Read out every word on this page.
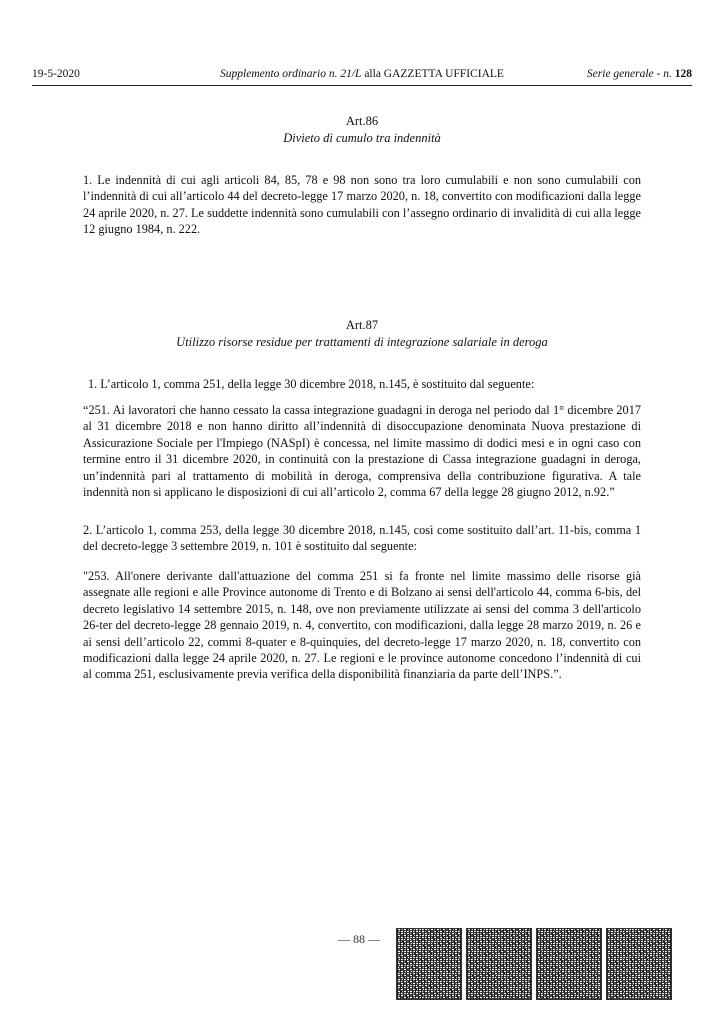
19-5-2020	Supplemento ordinario n. 21/L alla GAZZETTA UFFICIALE	Serie generale - n. 128
Art.86
Divieto di cumulo tra indennità

1. Le indennità di cui agli articoli 84, 85, 78 e 98 non sono tra loro cumulabili e non sono cumulabili con l’indennità di cui all’articolo 44 del decreto-legge 17 marzo 2020, n. 18, convertito con modificazioni dalla legge 24 aprile 2020, n. 27. Le suddette indennità sono cumulabili con l’assegno ordinario di invalidità di cui alla legge 12 giugno 1984, n. 222.

Art.87
Utilizzo risorse residue per trattamenti di integrazione salariale in deroga

1. L’articolo 1, comma 251, della legge 30 dicembre 2018, n.145, è sostituito dal seguente:

“251. Ai lavoratori che hanno cessato la cassa integrazione guadagni in deroga nel periodo dal 1° dicembre 2017 al 31 dicembre 2018 e non hanno diritto all’indennità di disoccupazione denominata Nuova prestazione di Assicurazione Sociale per l'Impiego (NASpI) è concessa, nel limite massimo di dodici mesi e in ogni caso con termine entro il 31 dicembre 2020, in continuità con la prestazione di Cassa integrazione guadagni in deroga, un’indennità pari al trattamento di mobilità in deroga, comprensiva della contribuzione figurativa. A tale indennità non si applicano le disposizioni di cui all’articolo 2, comma 67 della legge 28 giugno 2012, n.92.”

2. L’articolo 1, comma 253, della legge 30 dicembre 2018, n.145, così come sostituito dall’art. 11-bis, comma 1 del decreto-legge 3 settembre 2019, n. 101 è sostituito dal seguente:

"253. All'onere derivante dall'attuazione del comma 251 si fa fronte nel limite massimo delle risorse già assegnate alle regioni e alle Province autonome di Trento e di Bolzano ai sensi dell'articolo 44, comma 6-bis, del decreto legislativo 14 settembre 2015, n. 148, ove non previamente utilizzate ai sensi del comma 3 dell'articolo 26-ter del decreto-legge 28 gennaio 2019, n. 4, convertito, con modificazioni, dalla legge 28 marzo 2019, n. 26 e ai sensi dell’articolo 22, commi 8-quater e 8-quinquies, del decreto-legge 17 marzo 2020, n. 18, convertito con modificazioni dalla legge 24 aprile 2020, n. 27. Le regioni e le province autonome concedono l’indennità di cui al comma 251, esclusivamente previa verifica della disponibilità finanziaria da parte dell’INPS.”.

— 88 —
